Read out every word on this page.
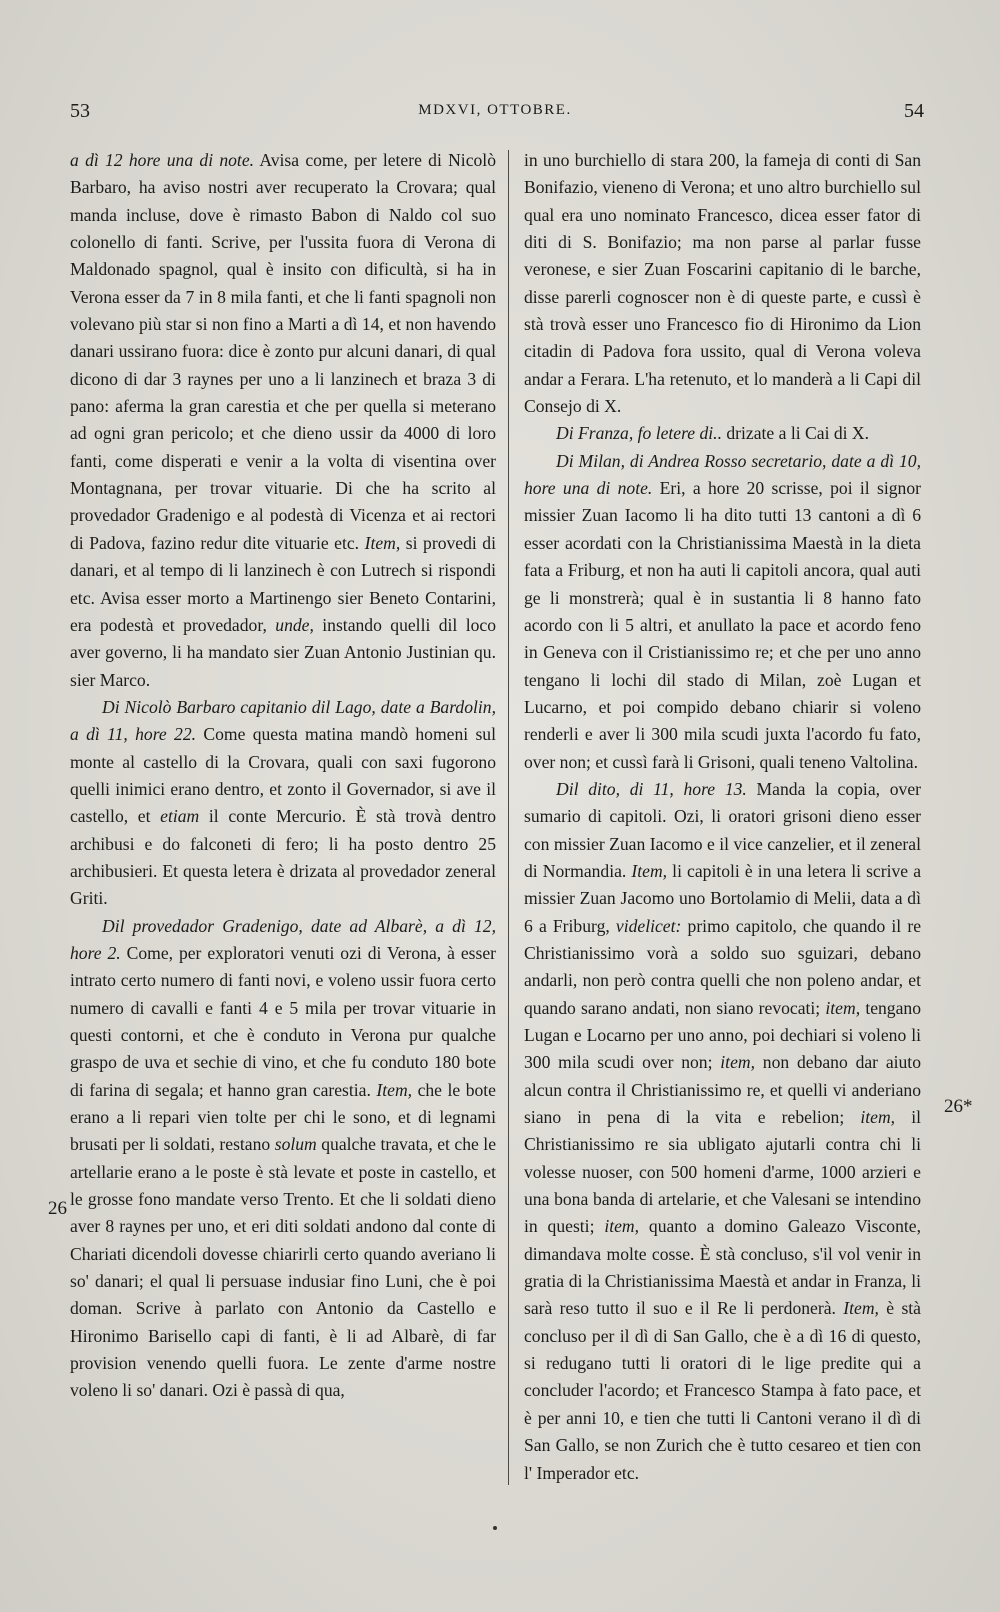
53	MDXVI, OTTOBRE.	54

a dì 12 hore una di note. Avisa come, per letere di Nicolò Barbaro, ha aviso nostri aver recuperato la Crovara; qual manda incluse, dove è rimasto Babon di Naldo col suo colonello di fanti. Scrive, per l'ussita fuora di Verona di Maldonado spagnol, qual è insito con dificultà, si ha in Verona esser da 7 in 8 mila fanti, et che li fanti spagnoli non volevano più star si non fino a Marti a dì 14, et non havendo danari ussirano fuora: dice è zonto pur alcuni danari, di qual dicono di dar 3 raynes per uno a li lanzinech et braza 3 di pano: aferma la gran carestia et che per quella si meterano ad ogni gran pericolo; et che dieno ussir da 4000 di loro fanti, come disperati e venir a la volta di visentina over Montagnana, per trovar vituarie. Di che ha scrito al provedador Gradenigo e al podestà di Vicenza et ai rectori di Padova, fazino redur dite vituarie etc. Item, si provedi di danari, et al tempo di li lanzinech è con Lutrech si rispondi etc. Avisa esser morto a Martinengo sier Beneto Contarini, era podestà et provedador, unde, instando quelli dil loco aver governo, li ha mandato sier Zuan Antonio Justinian qu. sier Marco.

Di Nicolò Barbaro capitanio dil Lago, date a Bardolin, a dì 11, hore 22. Come questa matina mandò homeni sul monte al castello di la Crovara, quali con saxi fugorono quelli inimici erano dentro, et zonto il Governador, si ave il castello, et etiam il conte Mercurio. È stà trovà dentro archibusi e do falconeti di fero; li ha posto dentro 25 archibusieri. Et questa letera è drizata al provedador zeneral Griti.

Dil provedador Gradenigo, date ad Albarè, a dì 12, hore 2. Come, per exploratori venuti ozi di Verona, à esser intrato certo numero di fanti novi, e voleno ussir fuora certo numero di cavalli e fanti 4 e 5 mila per trovar vituarie in questi contorni, et che è conduto in Verona pur qualche graspo de uva et sechie di vino, et che fu conduto 180 bote di farina di segala; et hanno gran carestia. Item, che le bote erano a li repari vien tolte per chi le sono, et di legnami brusati per li soldati, restano solum qualche travata, et che le artellarie erano a le poste è stà levate et poste in castello, et le grosse fono mandate verso Trento. Et che li soldati dieno aver 8 raynes per uno, et eri diti soldati andono dal conte di Chariati dicendoli dovesse chiarirli certo quando averiano li so' danari; el qual li persuase indusiar fino Luni, che è poi doman. Scrive à parlato con Antonio da Castello e Hironimo Barisello capi di fanti, è li ad Albarè, di far provision venendo quelli fuora. Le zente d'arme nostre voleno li so' danari. Ozi è passà di qua,

in uno burchiello di stara 200, la fameja di conti di San Bonifazio, vieneno di Verona; et uno altro burchiello sul qual era uno nominato Francesco, dicea esser fator di diti di S. Bonifazio; ma non parse al parlar fusse veronese, e sier Zuan Foscarini capitanio di le barche, disse parerli cognoscer non è di queste parte, e cussì è stà trovà esser uno Francesco fio di Hironimo da Lion citadin di Padova fora ussito, qual di Verona voleva andar a Ferara. L'ha retenuto, et lo manderà a li Capi dil Consejo di X.

Di Franza, fo letere di.. drizate a li Cai di X.

Di Milan, di Andrea Rosso secretario, date a dì 10, hore una di note. Eri, a hore 20 scrisse, poi il signor missier Zuan Iacomo li ha dito tutti 13 cantoni a dì 6 esser acordati con la Christianissima Maestà in la dieta fata a Friburg, et non ha auti li capitoli ancora, qual auti ge li monstrerà; qual è in sustantia li 8 hanno fato acordo con li 5 altri, et anullato la pace et acordo feno in Geneva con il Cristianissimo re; et che per uno anno tengano li lochi dil stado di Milan, zoè Lugan et Lucarno, et poi compido debano chiarir si voleno renderli e aver li 300 mila scudi juxta l'acordo fu fato, over non; et cussì farà li Grisoni, quali teneno Valtolina.

Dil dito, di 11, hore 13. Manda la copia, over sumario di capitoli. Ozi, li oratori grisoni dieno esser con missier Zuan Iacomo e il vice canzelier, et il zeneral di Normandia. Item, li capitoli è in una letera li scrive a missier Zuan Jacomo uno Bortolamio di Melii, data a dì 6 a Friburg, videlicet: primo capitolo, che quando il re Christianissimo vorà a soldo suo sguizari, debano andarli, non però contra quelli che non poleno andar, et quando sarano andati, non siano revocati; item, tengano Lugan e Locarno per uno anno, poi dechiari si voleno li 300 mila scudi over non; item, non debano dar aiuto alcun contra il Christianissimo re, et quelli vi anderiano siano in pena di la vita e rebelion; item, il Christianissimo re sia ubligato ajutarli contra chi li volesse nuoser, con 500 homeni d'arme, 1000 arzieri e una bona banda di artelarie, et che Valesani se intendino in questi; item, quanto a domino Galeazo Visconte, dimandava molte cosse. È stà concluso, s'il vol venir in gratia di la Christianissima Maestà et andar in Franza, li sarà reso tutto il suo e il Re li perdonerà. Item, è stà concluso per il dì di San Gallo, che è a dì 16 di questo, si redugano tutti li oratori di le lige predite qui a concluder l'acordo; et Francesco Stampa à fato pace, et è per anni 10, e tien che tutti li Cantoni verano il dì di San Gallo, se non Zurich che è tutto cesareo et tien con l' Imperador etc.

26
26*
